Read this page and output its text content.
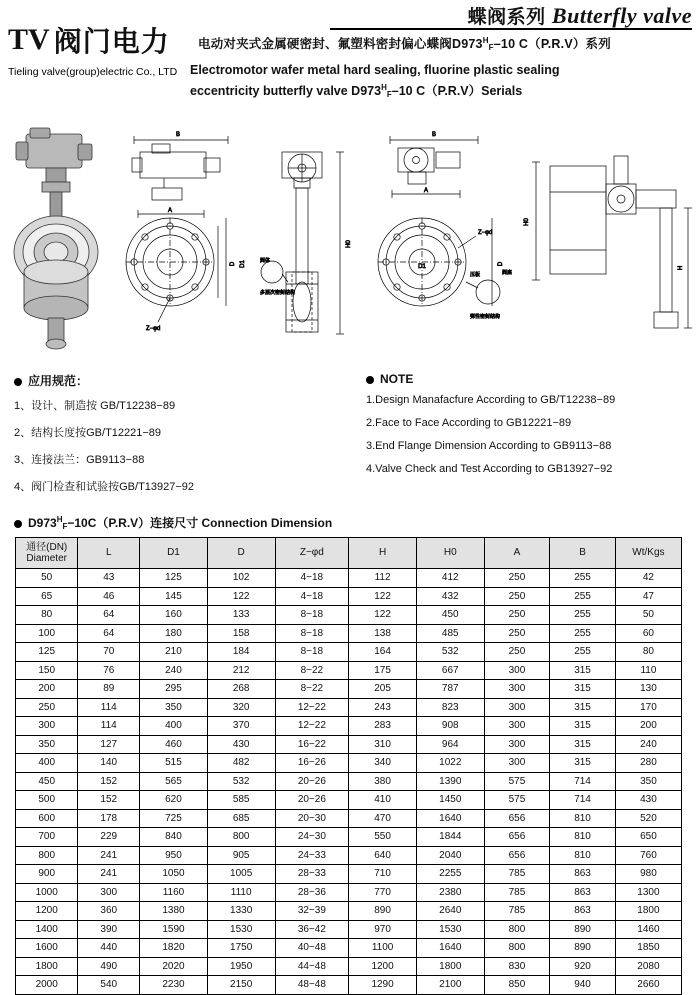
蝶阀系列 Butterfly valve
TV 阀门电力
Tieling valve(group)electric Co., LTD
电动对夹式金属硬密封、氟塑料密封偏心蝶阀$D973^H_F-10$ C（P.R.V）系列
Electromotor wafer metal hard sealing, fluorine plastic sealing
eccentricity butterfly valve $D973^H_F-10$ C（P.R.V）Serials
B
A
Z−φd
D D1
H0
多层次密封结构
阀体
B
A
Z−φd
D
D1
弹性密封结构
阀座
压板
H0
H
应用规范：
1、设计、制造按 GB/T12238−89
2、结构长度按GB/T12221−89
3、连接法兰：GB9113−88
4、阀门检查和试验按GB/T13927−92
NOTE
1.Design Manafacfure According to GB/T12238−89
2.Face to Face According to GB12221−89
3.End Flange Dimension According to GB9113−88
4.Valve Check and Test According to GB13927−92
$D973^H_F-10C(P.R.V)$连接尺寸 Connection Dimension
通径(DN)
Diameter	L	D1	D	Z−φd	H	H0	A	B	Wt/Kgs
50	43	125	102	4−18	112	412	250	255	42
65	46	145	122	4−18	122	432	250	255	47
80	64	160	133	8−18	122	450	250	255	50
100	64	180	158	8−18	138	485	250	255	60
125	70	210	184	8−18	164	532	250	255	80
150	76	240	212	8−22	175	667	300	315	110
200	89	295	268	8−22	205	787	300	315	130
250	114	350	320	12−22	243	823	300	315	170
300	114	400	370	12−22	283	908	300	315	200
350	127	460	430	16−22	310	964	300	315	240
400	140	515	482	16−26	340	1022	300	315	280
450	152	565	532	20−26	380	1390	575	714	350
500	152	620	585	20−26	410	1450	575	714	430
600	178	725	685	20−30	470	1640	656	810	520
700	229	840	800	24−30	550	1844	656	810	650
800	241	950	905	24−33	640	2040	656	810	760
900	241	1050	1005	28−33	710	2255	785	863	980
1000	300	1160	1110	28−36	770	2380	785	863	1300
1200	360	1380	1330	32−39	890	2640	785	863	1800
1400	390	1590	1530	36−42	970	1530	800	890	1460
1600	440	1820	1750	40−48	1100	1640	800	890	1850
1800	490	2020	1950	44−48	1200	1800	830	920	2080
2000	540	2230	2150	48−48	1290	2100	850	940	2660
